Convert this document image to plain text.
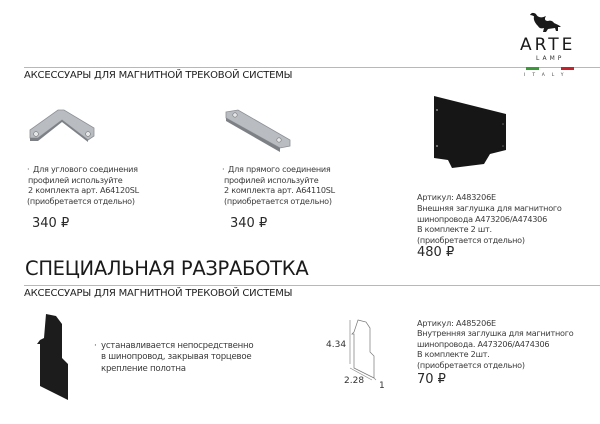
ARTE
LAMP
ITALY
АКСЕССУАРЫ ДЛЯ МАГНИТНОЙ ТРЕКОВОЙ СИСТЕМЫ
· Для углового соединения
профилей используйте
2 комплекта арт. A64120SL
(приобретается отдельно)
340 ₽
· Для прямого соединения
профилей используйте
2 комплекта арт. A64110SL
(приобретается отдельно)
340 ₽
Артикул: A483206E
Внешняя заглушка для магнитного
шинопровода A473206/A474306
В комплекте 2 шт.
(приобретается отдельно)
480 ₽
СПЕЦИАЛЬНАЯ РАЗРАБОТКА
АКСЕССУАРЫ ДЛЯ МАГНИТНОЙ ТРЕКОВОЙ СИСТЕМЫ
· устанавливается непосредственно
в шинопровод, закрывая торцевое
крепление полотна
4.34
2.28 1
Артикул: A485206E
Внутренняя заглушка для магнитного
шинопровода. A473206/A474306
В комплекте 2шт.
(приобретается отдельно)
70 ₽
